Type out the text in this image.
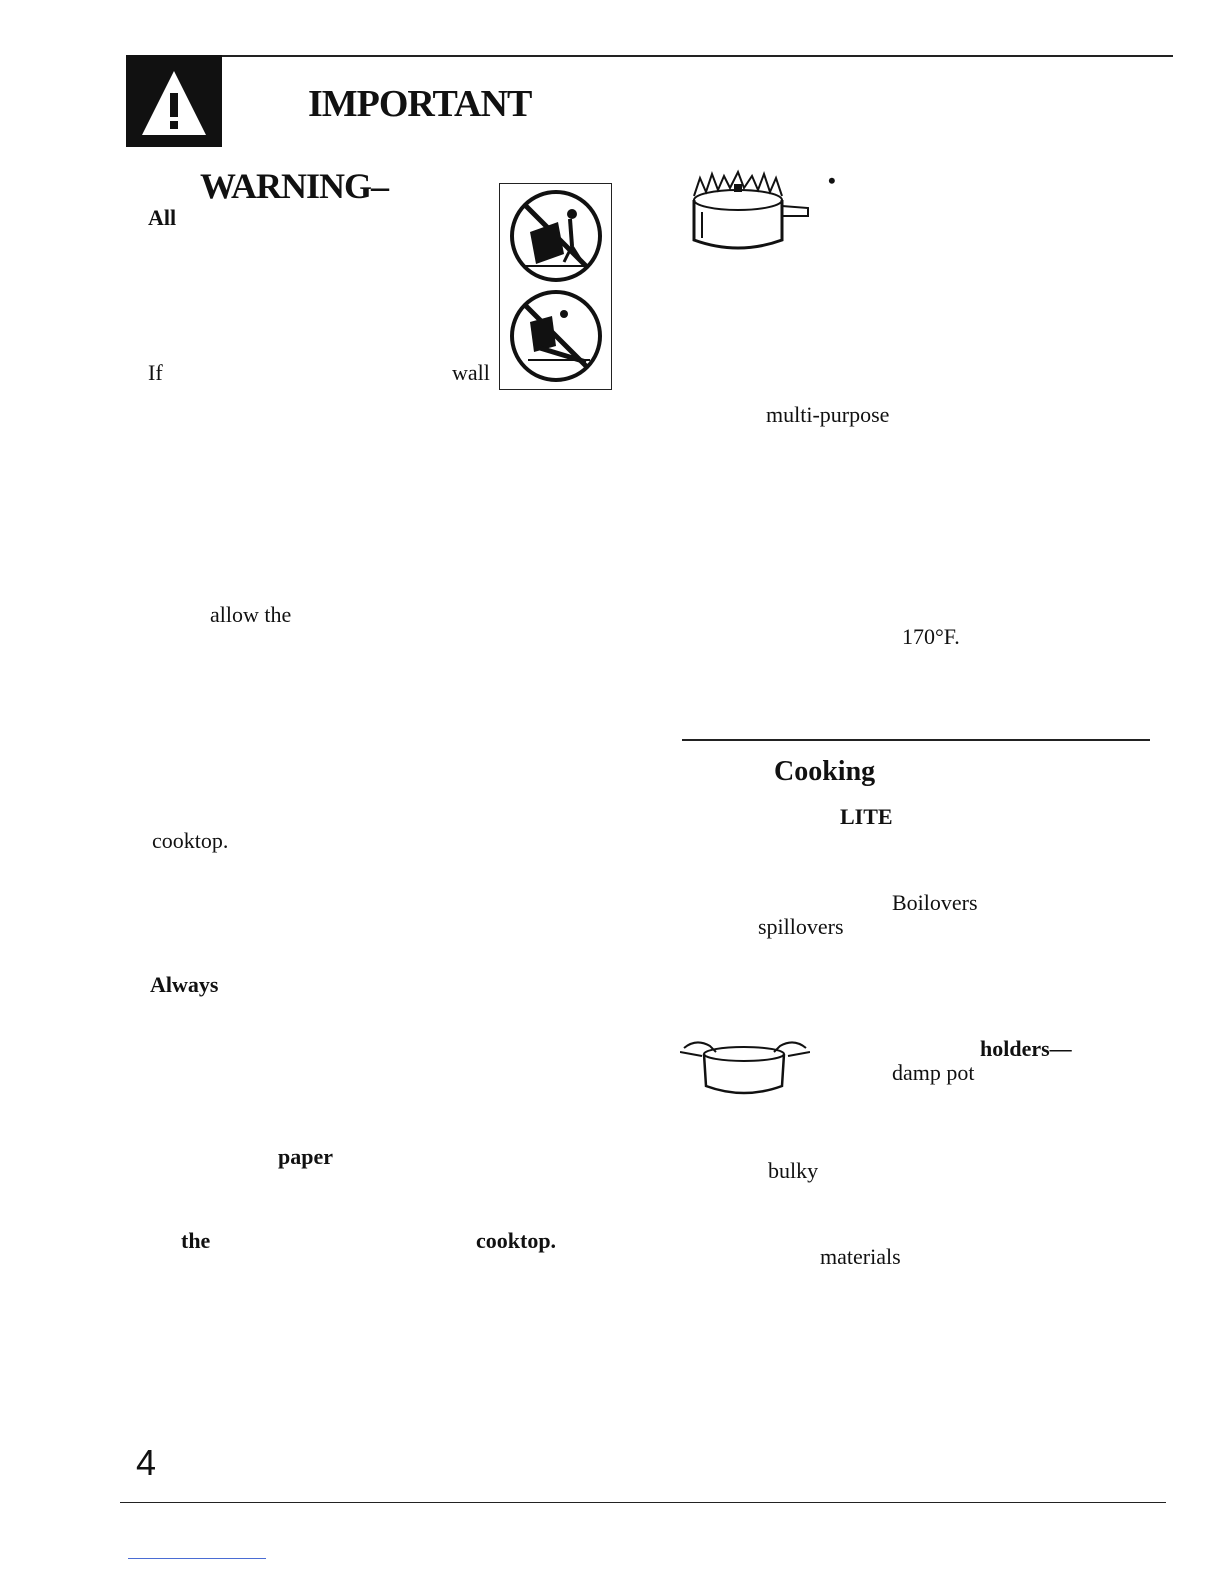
IMPORTANT
WARNING–
All
If	wall
allow the
cooktop.
Always
paper
the	cooktop.
•
multi-purpose
170°F.
Cooking
LITE
Boilovers
spillovers
holders—
damp pot
bulky
materials
4
